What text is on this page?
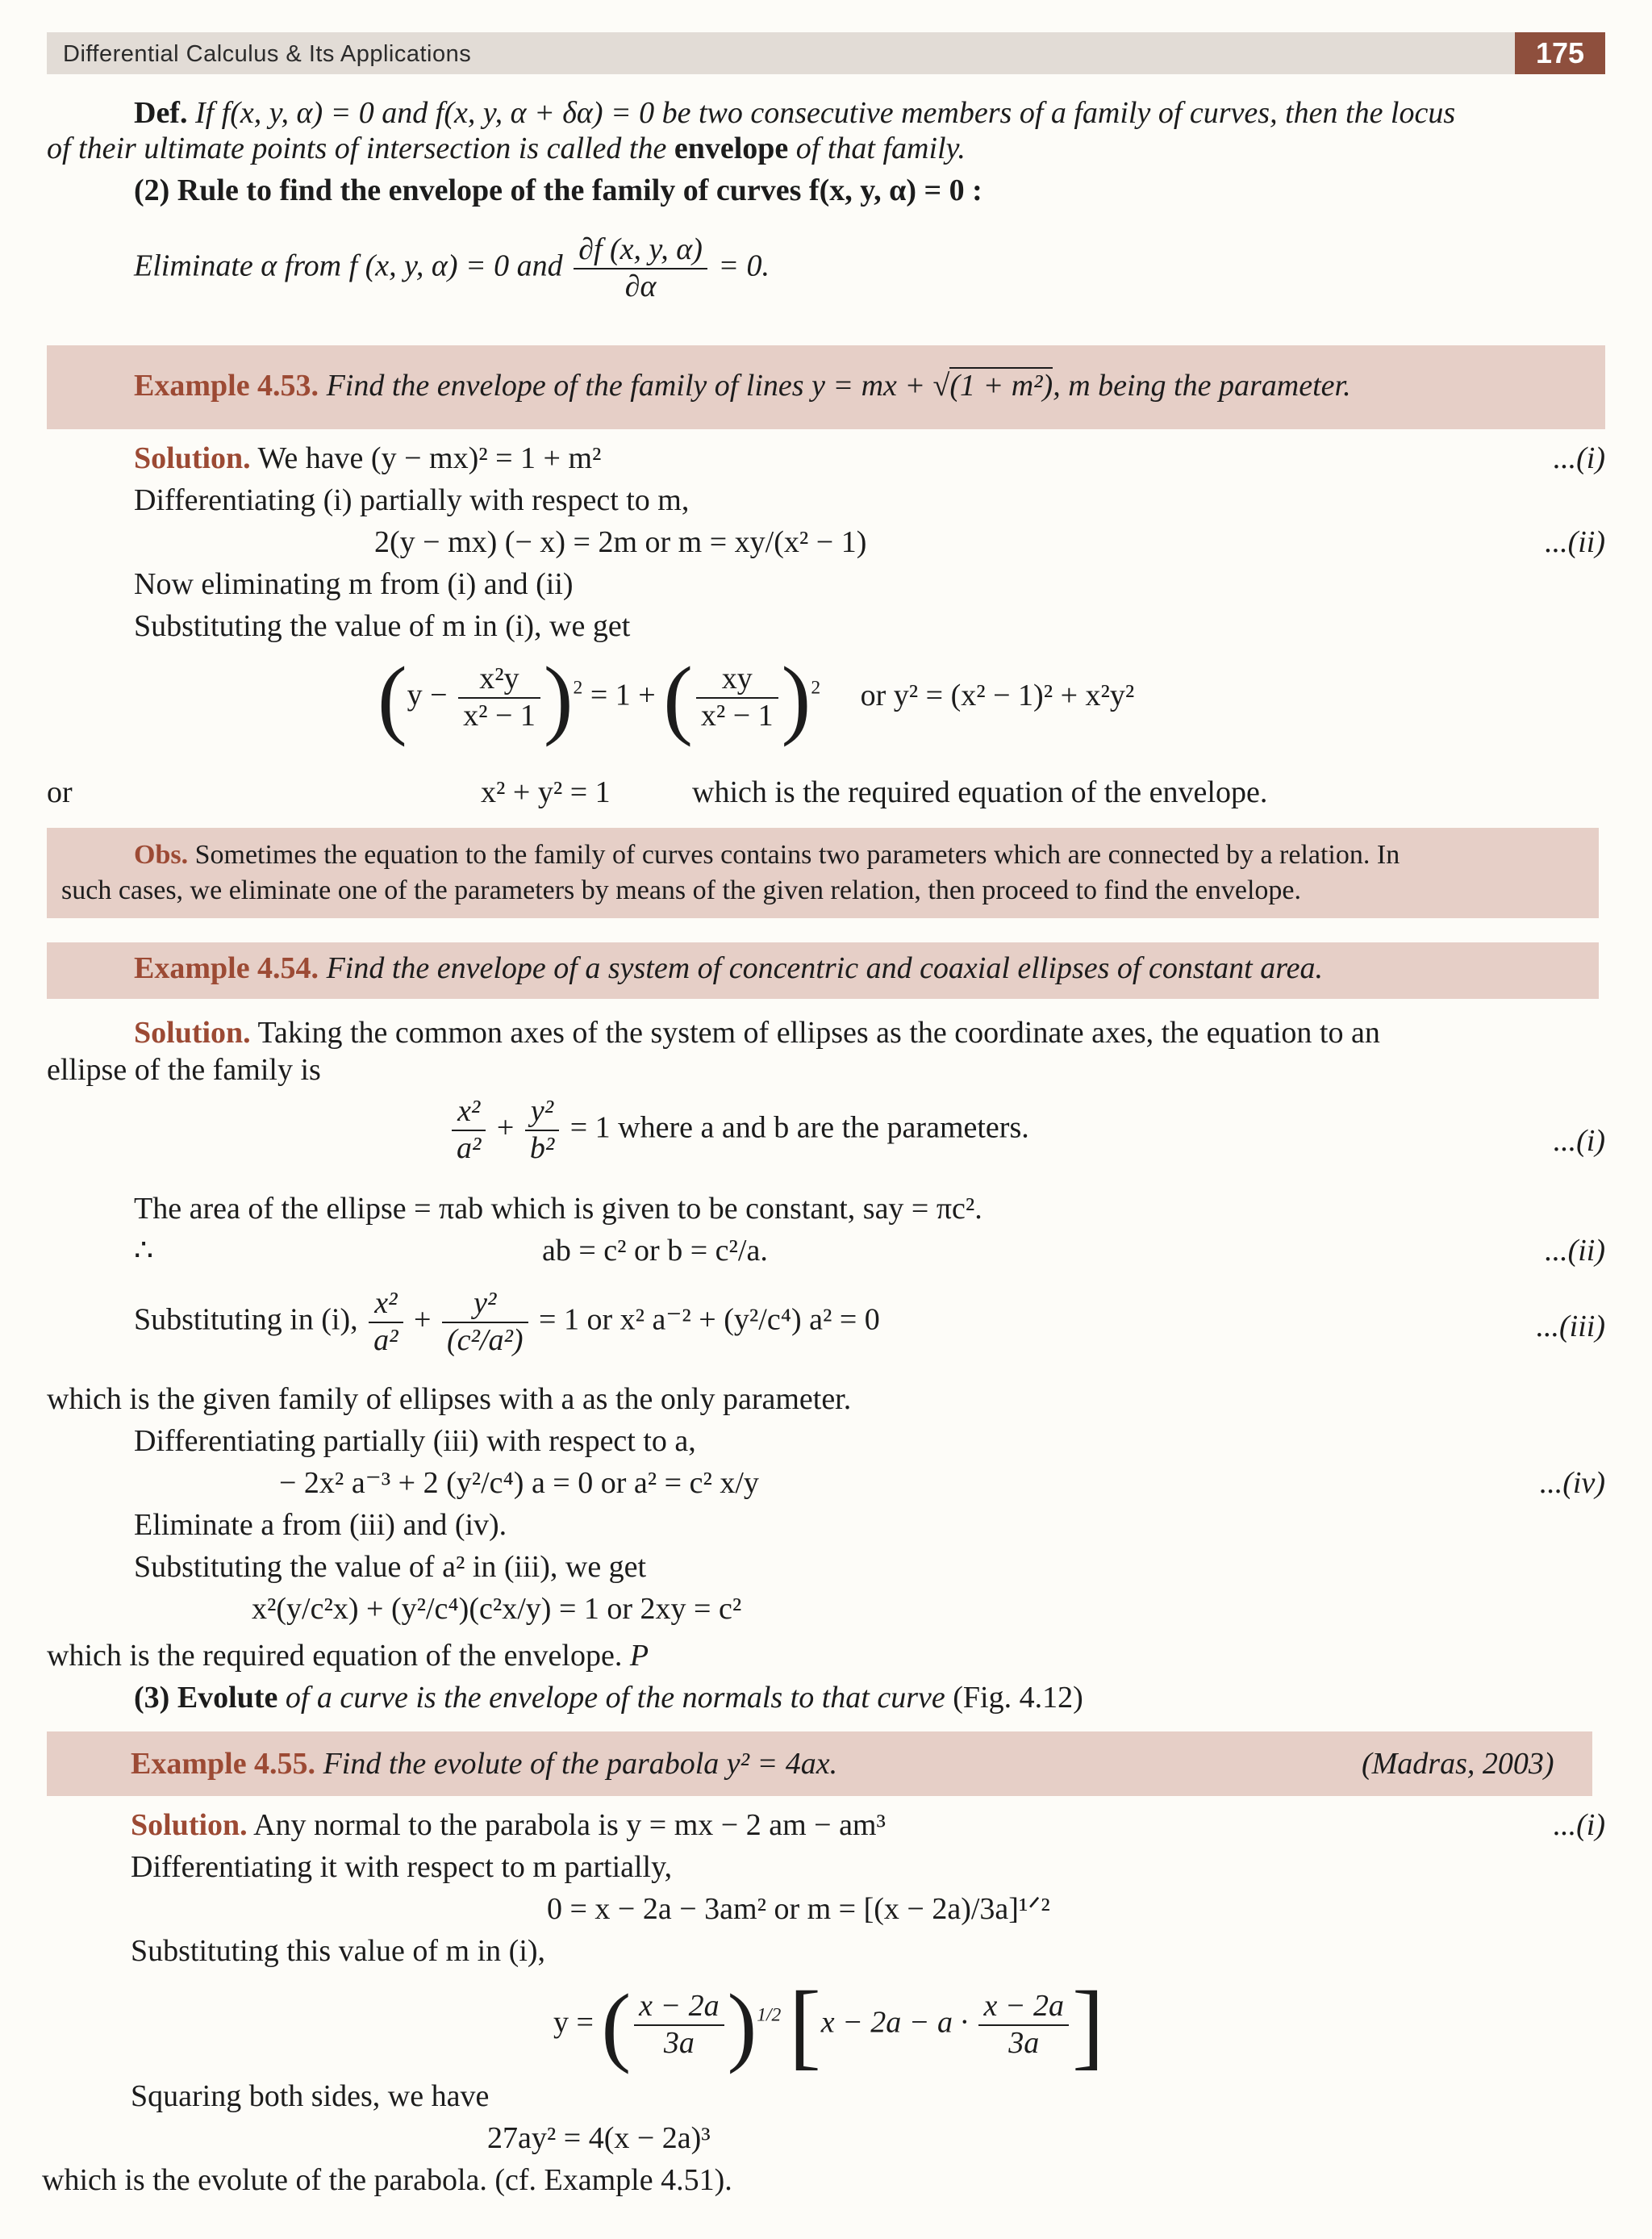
Differential Calculus & Its Applications	175
Def. If f(x, y, α) = 0 and f(x, y, α + δα) = 0 be two consecutive members of a family of curves, then the locus
of their ultimate points of intersection is called the envelope of that family.
(2) Rule to find the envelope of the family of curves f(x, y, α) = 0 :
Eliminate α from f (x, y, α) = 0 and $\frac{\partial f (x, y, \alpha)}{\partial\alpha} = 0$.
Example 4.53. Find the envelope of the family of lines y = mx + √(1 + m²), m being the parameter.
Solution. We have (y − mx)² = 1 + m²	...(i)
Differentiating (i) partially with respect to m,
2(y − mx) (− x) = 2m or m = xy/(x² − 1)	...(ii)
Now eliminating m from (i) and (ii)
Substituting the value of m in (i), we get
$(y - \frac{\text{x²y}}{\text{x² − 1}} )^2 = 1$ + ( $\frac{xy}{\text{x² − 1}} )^2$ or y² = (x² − 1)² + x²y²
or	x² + y² = 1	which is the required equation of the envelope.
Obs. Sometimes the equation to the family of curves contains two parameters which are connected by a relation. In
such cases, we eliminate one of the parameters by means of the given relation, then proceed to find the envelope.
Example 4.54. Find the envelope of a system of concentric and coaxial ellipses of constant area.
Solution. Taking the common axes of the system of ellipses as the coordinate axes, the equation to an
ellipse of the family is
$\frac{\text{x²}}{\text{a²}} + \frac{\text{y²}}{\text{b²}} = 1$ where a and b are the parameters.	...(i)
The area of the ellipse = πab which is given to be constant, say = πc².
∴	ab = c² or b = c²/a.	...(ii)
Substituting in (i), $\frac{\text{x²}}{\text{a²}} + \frac{\text{y²}}{\text{(c²/a²)}} = 1$ or x² a⁻² + (y²/c⁴) a² = 0	...(iii)
which is the given family of ellipses with a as the only parameter.
Differentiating partially (iii) with respect to a,
− 2x² a⁻³ + 2 (y²/c⁴) a = 0 or a² = c² x/y	...(iv)
Eliminate a from (iii) and (iv).
Substituting the value of a² in (iii), we get
x²(y/c²x) + (y²/c⁴)(c²x/y) = 1 or 2xy = c²
which is the required equation of the envelope. P
(3) Evolute of a curve is the envelope of the normals to that curve (Fig. 4.12)
Example 4.55. Find the evolute of the parabola y² = 4ax.	(Madras, 2003)
Solution. Any normal to the parabola is y = mx − 2 am − am³	...(i)
Differentiating it with respect to m partially,
0 = x − 2a − 3am² or m = [(x − 2a)/3a]¹ᐟ²
Substituting this value of m in (i),
y = ( $\frac{x - 2a}{3a} )^{1/2}$ [$x - 2a - a \cdot \frac{x - 2a}{3a}$ ]
Squaring both sides, we have
27ay² = 4(x − 2a)³
which is the evolute of the parabola. (cf. Example 4.51).
